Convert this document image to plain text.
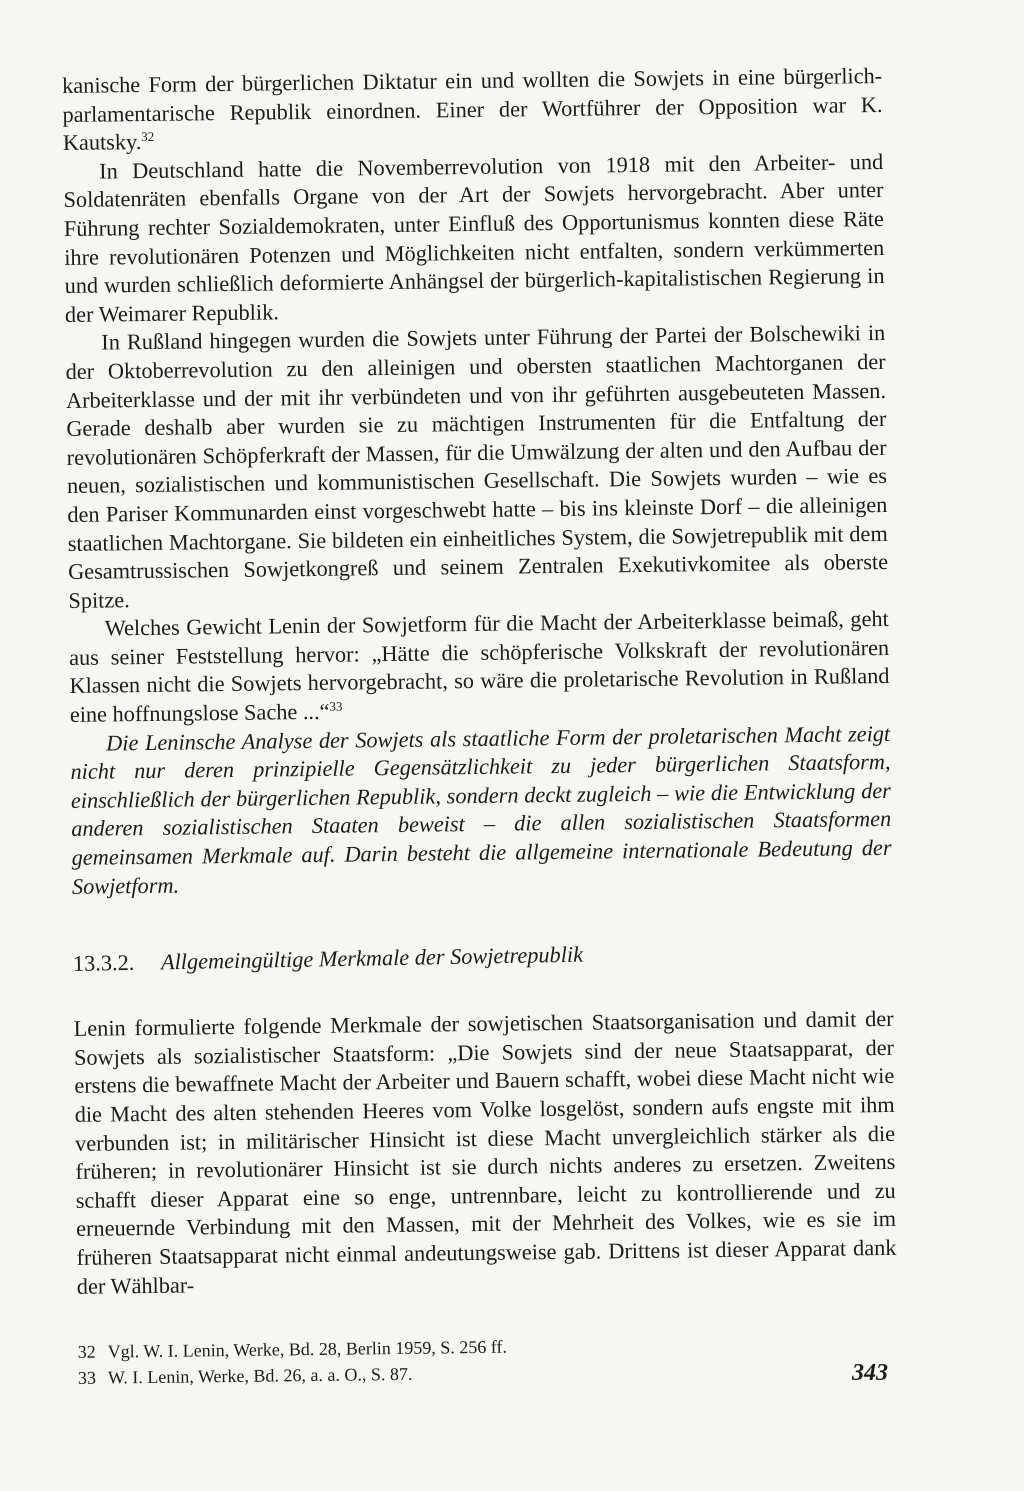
kanische Form der bürgerlichen Diktatur ein und wollten die Sowjets in eine bürgerlich-parlamentarische Republik einordnen. Einer der Wortführer der Opposition war K. Kautsky.$^{32}$

In Deutschland hatte die Novemberrevolution von 1918 mit den Arbeiter- und Soldatenräten ebenfalls Organe von der Art der Sowjets hervorgebracht. Aber unter Führung rechter Sozialdemokraten, unter Einfluß des Opportunismus konnten diese Räte ihre revolutionären Potenzen und Möglichkeiten nicht entfalten, sondern verkümmerten und wurden schließlich deformierte Anhängsel der bürgerlich-kapitalistischen Regierung in der Weimarer Republik.

In Rußland hingegen wurden die Sowjets unter Führung der Partei der Bolschewiki in der Oktoberrevolution zu den alleinigen und obersten staatlichen Machtorganen der Arbeiterklasse und der mit ihr verbündeten und von ihr geführten ausgebeuteten Massen. Gerade deshalb aber wurden sie zu mächtigen Instrumenten für die Entfaltung der revolutionären Schöpferkraft der Massen, für die Umwälzung der alten und den Aufbau der neuen, sozialistischen und kommunistischen Gesellschaft. Die Sowjets wurden – wie es den Pariser Kommunarden einst vorgeschwebt hatte – bis ins kleinste Dorf – die alleinigen staatlichen Machtorgane. Sie bildeten ein einheitliches System, die Sowjetrepublik mit dem Gesamtrussischen Sowjetkongreß und seinem Zentralen Exekutivkomitee als oberste Spitze.

Welches Gewicht Lenin der Sowjetform für die Macht der Arbeiterklasse beimaß, geht aus seiner Feststellung hervor: „Hätte die schöpferische Volkskraft der revolutionären Klassen nicht die Sowjets hervorgebracht, so wäre die proletarische Revolution in Rußland eine hoffnungslose Sache ...“$^{33}$

Die Leninsche Analyse der Sowjets als staatliche Form der proletarischen Macht zeigt nicht nur deren prinzipielle Gegensätzlichkeit zu jeder bürgerlichen Staatsform, einschließlich der bürgerlichen Republik, sondern deckt zugleich – wie die Entwicklung der anderen sozialistischen Staaten beweist – die allen sozialistischen Staatsformen gemeinsamen Merkmale auf. Darin besteht die allgemeine internationale Bedeutung der Sowjetform.

13.3.2.	Allgemeingültige Merkmale der Sowjetrepublik

Lenin formulierte folgende Merkmale der sowjetischen Staatsorganisation und damit der Sowjets als sozialistischer Staatsform: „Die Sowjets sind der neue Staatsapparat, der erstens die bewaffnete Macht der Arbeiter und Bauern schafft, wobei diese Macht nicht wie die Macht des alten stehenden Heeres vom Volke losgelöst, sondern aufs engste mit ihm verbunden ist; in militärischer Hinsicht ist diese Macht unvergleichlich stärker als die früheren; in revolutionärer Hinsicht ist sie durch nichts anderes zu ersetzen. Zweitens schafft dieser Apparat eine so enge, untrennbare, leicht zu kontrollierende und zu erneuernde Verbindung mit den Massen, mit der Mehrheit des Volkes, wie es sie im früheren Staatsapparat nicht einmal andeutungsweise gab. Drittens ist dieser Apparat dank der Wählbar-

32 Vgl. W. I. Lenin, Werke, Bd. 28, Berlin 1959, S. 256 ff.
33 W. I. Lenin, Werke, Bd. 26, a. a. O., S. 87.	343
